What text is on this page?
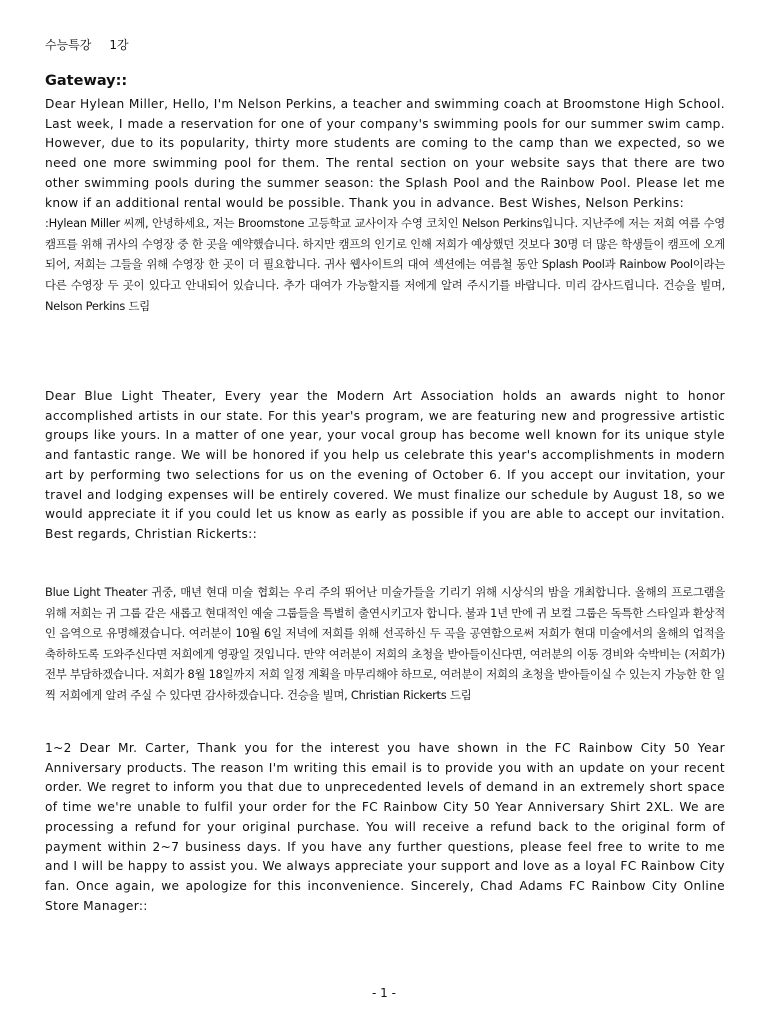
수능특강 1강
Gateway::

Dear Hylean Miller, Hello, I'm Nelson Perkins, a teacher and swimming coach at Broomstone High School. Last week, I made a reservation for one of your company's swimming pools for our summer swim camp. However, due to its popularity, thirty more students are coming to the camp than we expected, so we need one more swimming pool for them. The rental section on your website says that there are two other swimming pools during the summer season: the Splash Pool and the Rainbow Pool. Please let me know if an additional rental would be possible. Thank you in advance. Best Wishes, Nelson Perkins:

:Hylean Miller 씨께, 안녕하세요, 저는 Broomstone 고등학교 교사이자 수영 코치인 Nelson Perkins입니다. 지난주에 저는 저희 여름 수영 캠프를 위해 귀사의 수영장 중 한 곳을 예약했습니다. 하지만 캠프의 인기로 인해 저희가 예상했던 것보다 30명 더 많은 학생들이 캠프에 오게 되어, 저희는 그들을 위해 수영장 한 곳이 더 필요합니다. 귀사 웹사이트의 대여 섹션에는 여름철 동안 Splash Pool과 Rainbow Pool이라는 다른 수영장 두 곳이 있다고 안내되어 있습니다. 추가 대여가 가능할지를 저에게 알려 주시기를 바랍니다. 미리 감사드립니다. 건승을 빌며, Nelson Perkins 드림

Dear Blue Light Theater, Every year the Modern Art Association holds an awards night to honor accomplished artists in our state. For this year's program, we are featuring new and progressive artistic groups like yours. In a matter of one year, your vocal group has become well known for its unique style and fantastic range. We will be honored if you help us celebrate this year's accomplishments in modern art by performing two selections for us on the evening of October 6. If you accept our invitation, your travel and lodging expenses will be entirely covered. We must finalize our schedule by August 18, so we would appreciate it if you could let us know as early as possible if you are able to accept our invitation. Best regards, Christian Rickerts::

Blue Light Theater 귀중, 매년 현대 미술 협회는 우리 주의 뛰어난 미술가들을 기리기 위해 시상식의 밤을 개최합니다. 올해의 프로그램을 위해 저희는 귀 그룹 같은 새롭고 현대적인 예술 그룹들을 특별히 출연시키고자 합니다. 불과 1년 만에 귀 보컬 그룹은 독특한 스타일과 환상적인 음역으로 유명해졌습니다. 여러분이 10월 6일 저녁에 저희를 위해 선곡하신 두 곡을 공연함으로써 저희가 현대 미술에서의 올해의 업적을 축하하도록 도와주신다면 저희에게 영광일 것입니다. 만약 여러분이 저희의 초청을 받아들이신다면, 여러분의 이동 경비와 숙박비는 (저희가) 전부 부담하겠습니다. 저희가 8월 18일까지 저희 일정 계획을 마무리해야 하므로, 여러분이 저희의 초청을 받아들이실 수 있는지 가능한 한 일찍 저희에게 알려 주실 수 있다면 감사하겠습니다. 건승을 빌며, Christian Rickerts 드림

1~2 Dear Mr. Carter, Thank you for the interest you have shown in the FC Rainbow City 50 Year Anniversary products. The reason I'm writing this email is to provide you with an update on your recent order. We regret to inform you that due to unprecedented levels of demand in an extremely short space of time we're unable to fulfil your order for the FC Rainbow City 50 Year Anniversary Shirt 2XL. We are processing a refund for your original purchase. You will receive a refund back to the original form of payment within 2~7 business days. If you have any further questions, please feel free to write to me and I will be happy to assist you. We always appreciate your support and love as a loyal FC Rainbow City fan. Once again, we apologize for this inconvenience. Sincerely, Chad Adams FC Rainbow City Online Store Manager::

- 1 -
